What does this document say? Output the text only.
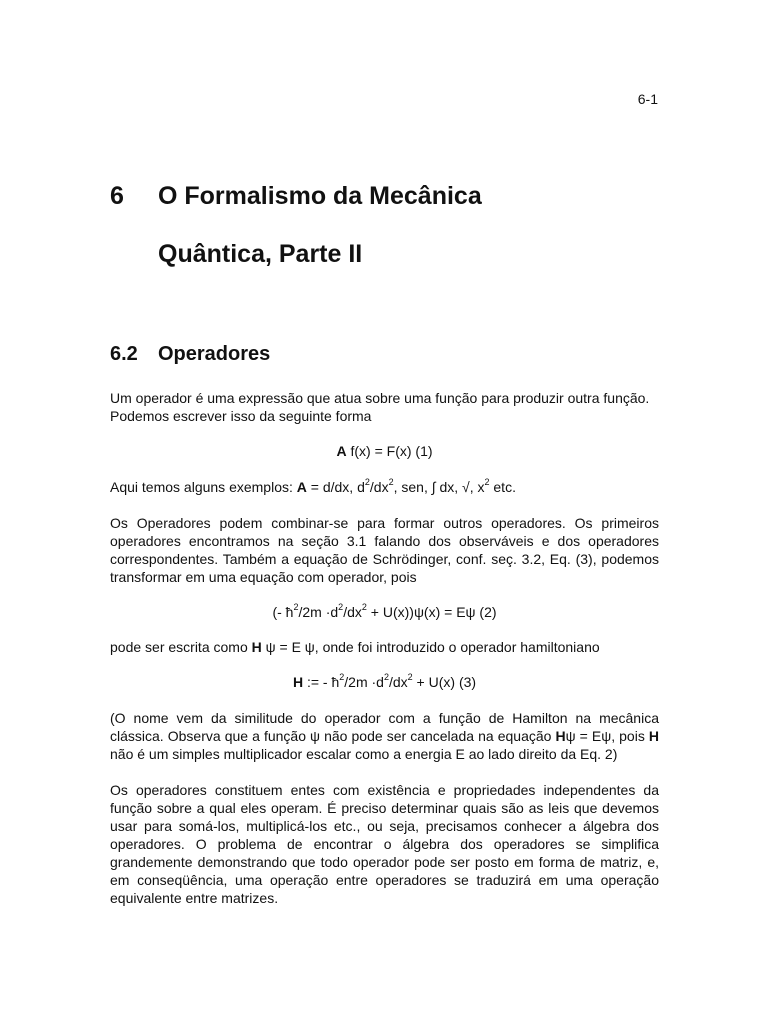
6-1
6	O Formalismo da Mecânica
Quântica, Parte II
6.2 Operadores

Um operador é uma expressão que atua sobre uma função para produzir outra função. Podemos escrever isso da seguinte forma

A f(x) = F(x) (1)

Aqui temos alguns exemplos: A = d/dx, $d^2/dx^2$, sen, ∫ dx, √, $x^2$ etc.

Os Operadores podem combinar-se para formar outros operadores. Os primeiros operadores encontramos na seção 3.1 falando dos observáveis e dos operadores correspondentes. Também a equação de Schrödinger, conf. seç. 3.2, Eq. (3), podemos transformar em uma equação com operador, pois

(- $ħ^2/2m \cdot d^2/dx^2 + U(x))\psi(x) = E\psi$ (2)

pode ser escrita como H ψ = E ψ, onde foi introduzido o operador hamiltoniano

H := - $ħ^2/2m \cdot d^2/dx^2 + U(x)$ (3)

(O nome vem da similitude do operador com a função de Hamilton na mecânica clássica. Observa que a função ψ não pode ser cancelada na equação Hψ = Eψ, pois H não é um simples multiplicador escalar como a energia E ao lado direito da Eq. 2)

Os operadores constituem entes com existência e propriedades independentes da função sobre a qual eles operam. É preciso determinar quais são as leis que devemos usar para somá-los, multiplicá-los etc., ou seja, precisamos conhecer a álgebra dos operadores. O problema de encontrar o álgebra dos operadores se simplifica grandemente demonstrando que todo operador pode ser posto em forma de matriz, e, em conseqüência, uma operação entre operadores se traduzirá em uma operação equivalente entre matrizes.
